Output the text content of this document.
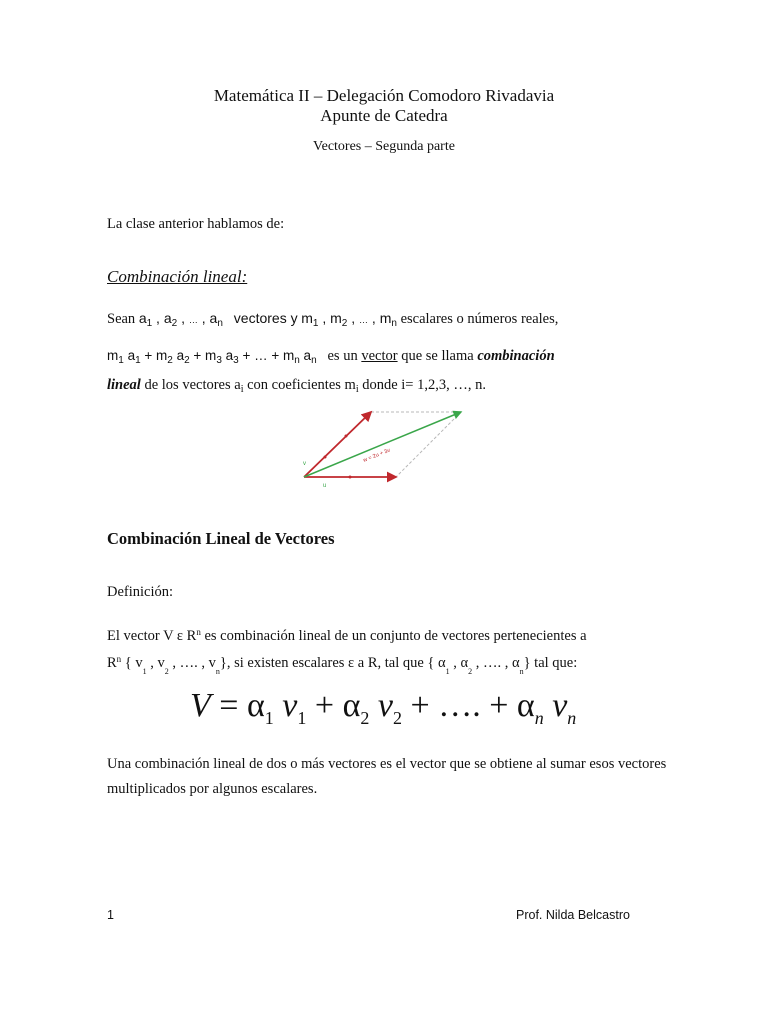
Matemática II – Delegación Comodoro Rivadavia
Apunte de Catedra
Vectores – Segunda parte
La clase anterior hablamos de:
Combinación lineal:
Sean $a_1$ , $a_2$ , … , $a_n$ vectores y $m_1$ , $m_2$ , … , $m_n$ escalares o números reales,
$m_1$ $a_1 + m_2$ $a_2 + m_3$ $a_3$ + … + $m_n$ $a_n$ es un vector que se llama combinación
lineal de los vectores $a_i$ con coeficientes $m_i$ donde i= 1,2,3, …, n.
v
u
w = 2u + 3v
Combinación Lineal de Vectores
Definición:
El vector V ε $R^n$ es combinación lineal de un conjunto de vectores pertenecientes a
$R^n$ { $v_1$ , $v_2$ , …. , $v_n$}, si existen escalares ε a R, tal que { $\alpha_1$ , $\alpha_2$ , …. , $\alpha_n$} tal que:
$V = \alpha_1$ $v_1 + \alpha_2$ $v_2$ + …. + $\alpha_n$ $v_n$
Una combinación lineal de dos o más vectores es el vector que se obtiene al sumar esos vectores multiplicados por algunos escalares.
1	Prof. Nilda Belcastro
